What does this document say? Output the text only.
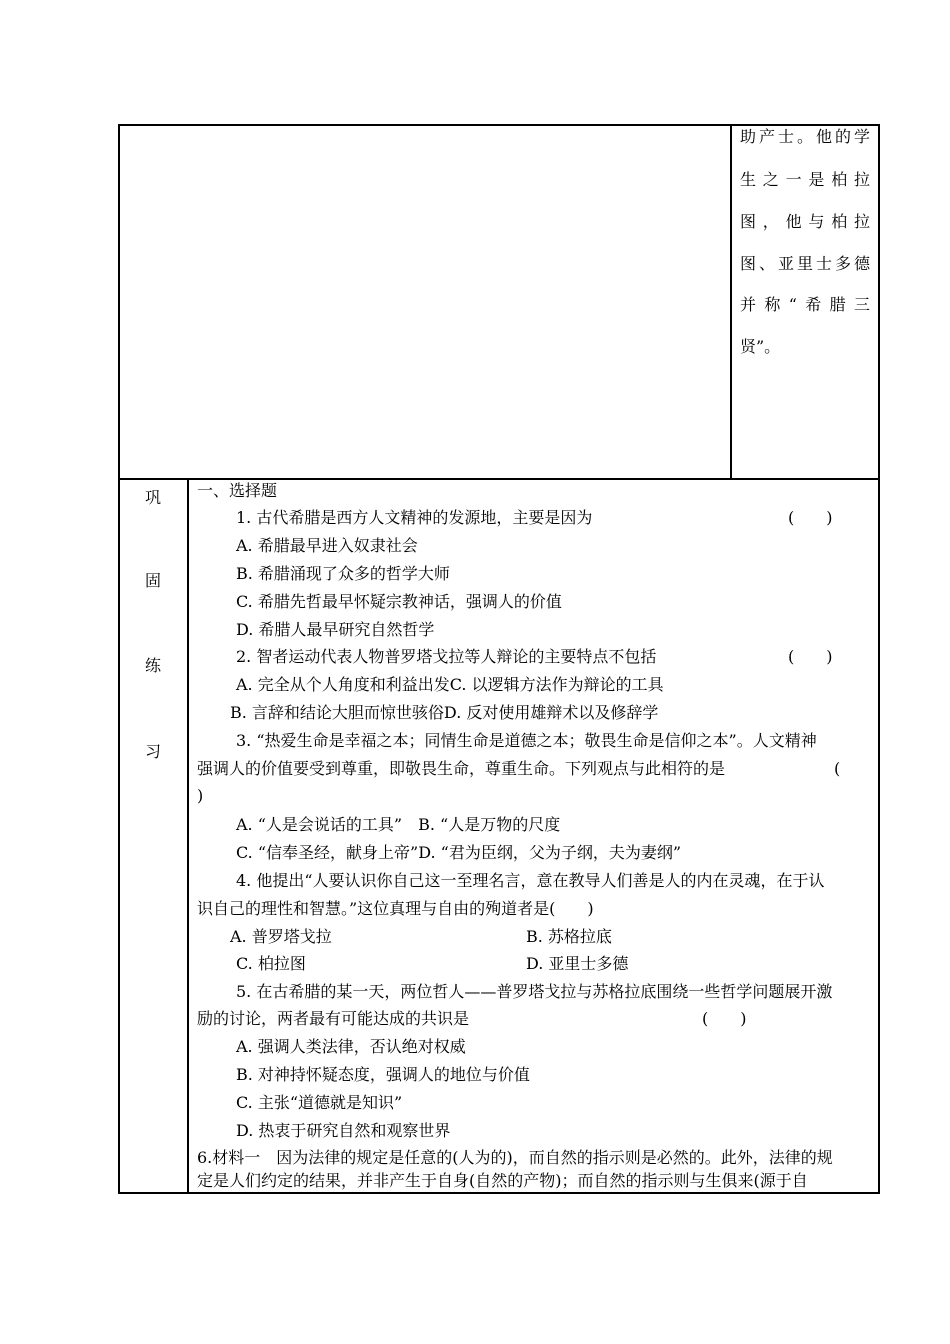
助产士。他的学
生之一是柏拉
图，他与柏拉
图、亚里士多德
并称“希腊三
贤”。
巩
固
练
习
一、选择题
1. 古代希腊是西方人文精神的发源地，主要是因为	(　　)
A. 希腊最早进入奴隶社会
B. 希腊涌现了众多的哲学大师
C. 希腊先哲最早怀疑宗教神话，强调人的价值
D. 希腊人最早研究自然哲学
2. 智者运动代表人物普罗塔戈拉等人辩论的主要特点不包括	(　　)
A. 完全从个人角度和利益出发C. 以逻辑方法作为辩论的工具
B. 言辞和结论大胆而惊世骇俗D. 反对使用雄辩术以及修辞学
3. “热爱生命是幸福之本；同情生命是道德之本；敬畏生命是信仰之本”。人文精神
强调人的价值要受到尊重，即敬畏生命，尊重生命。下列观点与此相符的是	(
)
A. “人是会说话的工具”　B. “人是万物的尺度
C. “信奉圣经，献身上帝”D. “君为臣纲，父为子纲，夫为妻纲”
4. 他提出“人要认识你自己这一至理名言，意在教导人们善是人的内在灵魂，在于认
识自己的理性和智慧。”这位真理与自由的殉道者是(　　)
A. 普罗塔戈拉	B. 苏格拉底
C. 柏拉图	D. 亚里士多德
5. 在古希腊的某一天，两位哲人——普罗塔戈拉与苏格拉底围绕一些哲学问题展开激
励的讨论，两者最有可能达成的共识是	(　　)
A. 强调人类法律，否认绝对权威
B. 对神持怀疑态度，强调人的地位与价值
C. 主张“道德就是知识”
D. 热衷于研究自然和观察世界
6.材料一　因为法律的规定是任意的(人为的)，而自然的指示则是必然的。此外，法律的规
定是人们约定的结果，并非产生于自身(自然的产物)；而自然的指示则与生俱来(源于自
